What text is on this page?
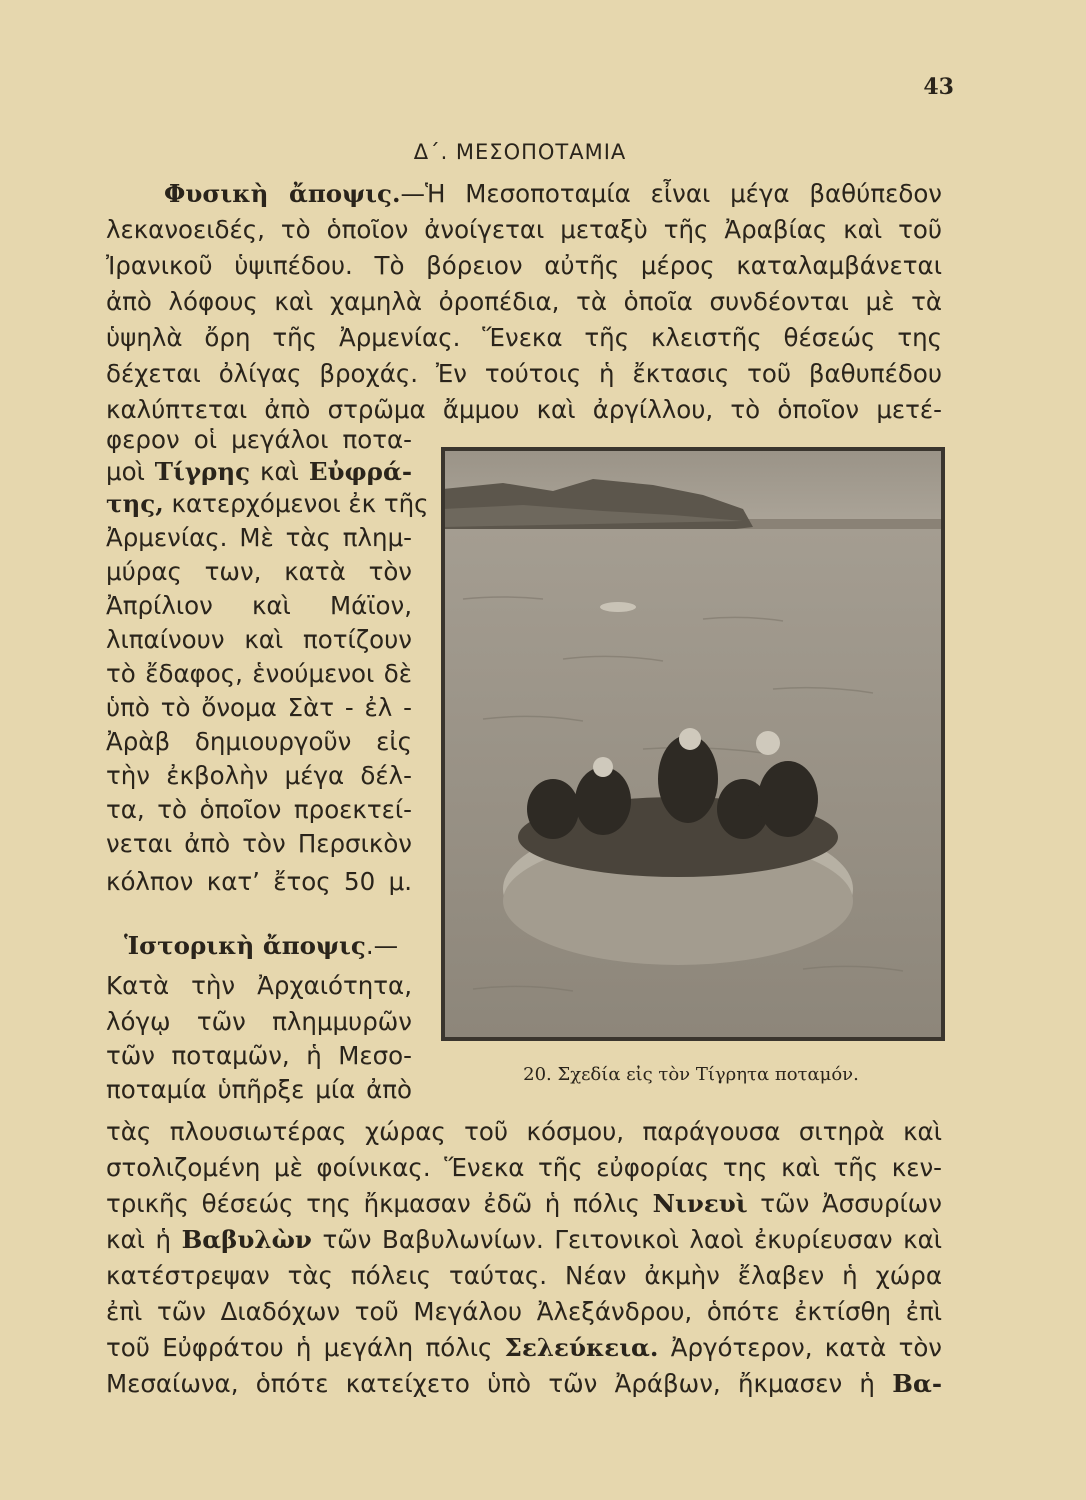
43
Δ΄. ΜΕΣΟΠΟΤΑΜΙΑ
Φυσικὴ ἄποψις.—Ἡ Μεσοποταμία εἶναι μέγα βαθύπεδον
λεκανοειδές, τὸ ὁποῖον ἀνοίγεται μεταξὺ τῆς Ἀραβίας καὶ τοῦ
Ἰρανικοῦ ὑψιπέδου. Τὸ βόρειον αὐτῆς μέρος καταλαμβάνεται
ἀπὸ λόφους καὶ χαμηλὰ ὀροπέδια, τὰ ὁποῖα συνδέονται μὲ τὰ
ὑψηλὰ ὄρη τῆς Ἀρμενίας. Ἕνεκα τῆς κλειστῆς θέσεώς της
δέχεται ὀλίγας βροχάς. Ἐν τούτοις ἡ ἔκτασις τοῦ βαθυπέδου
καλύπτεται ἀπὸ στρῶμα ἄμμου καὶ ἀργίλλου, τὸ ὁποῖον μετέ-
φερον οἱ μεγάλοι ποτα-
μοὶ Τίγρης καὶ Εὐφρά-
της, κατερχόμενοι ἐκ τῆς
Ἀρμενίας. Μὲ τὰς πλημ-
μύρας των, κατὰ τὸν
Ἀπρίλιον καὶ Μάϊον,
λιπαίνουν καὶ ποτίζουν
τὸ ἔδαφος, ἑνούμενοι δὲ
ὑπὸ τὸ ὄνομα Σὰτ - ἐλ -
Ἀρὰβ δημιουργοῦν εἰς
τὴν ἐκβολὴν μέγα δέλ-
τα, τὸ ὁποῖον προεκτεί-
νεται ἀπὸ τὸν Περσικὸν
κόλπον κατ’ ἔτος 50 μ.
Ἱστορικὴ ἄποψις.—
Κατὰ τὴν Ἀρχαιότητα,
λόγῳ τῶν πλημμυρῶν
τῶν ποταμῶν, ἡ Μεσο-
ποταμία ὑπῆρξε μία ἀπὸ
τὰς πλουσιωτέρας χώρας τοῦ κόσμου, παράγουσα σιτηρὰ καὶ
στολιζομένη μὲ φοίνικας. Ἕνεκα τῆς εὐφορίας της καὶ τῆς κεν-
τρικῆς θέσεώς της ἤκμασαν ἐδῶ ἡ πόλις Νινευὶ τῶν Ἀσσυρίων
καὶ ἡ Βαβυλὼν τῶν Βαβυλωνίων. Γειτονικοὶ λαοὶ ἐκυρίευσαν καὶ
κατέστρεψαν τὰς πόλεις ταύτας. Νέαν ἀκμὴν ἔλαβεν ἡ χώρα
ἐπὶ τῶν Διαδόχων τοῦ Μεγάλου Ἀλεξάνδρου, ὁπότε ἐκτίσθη ἐπὶ
τοῦ Εὐφράτου ἡ μεγάλη πόλις Σελεύκεια. Ἀργότερον, κατὰ τὸν
Μεσαίωνα, ὁπότε κατείχετο ὑπὸ τῶν Ἀράβων, ἤκμασεν ἡ Βα-
20. Σχεδία εἰς τὸν Τίγρητα ποταμόν.
